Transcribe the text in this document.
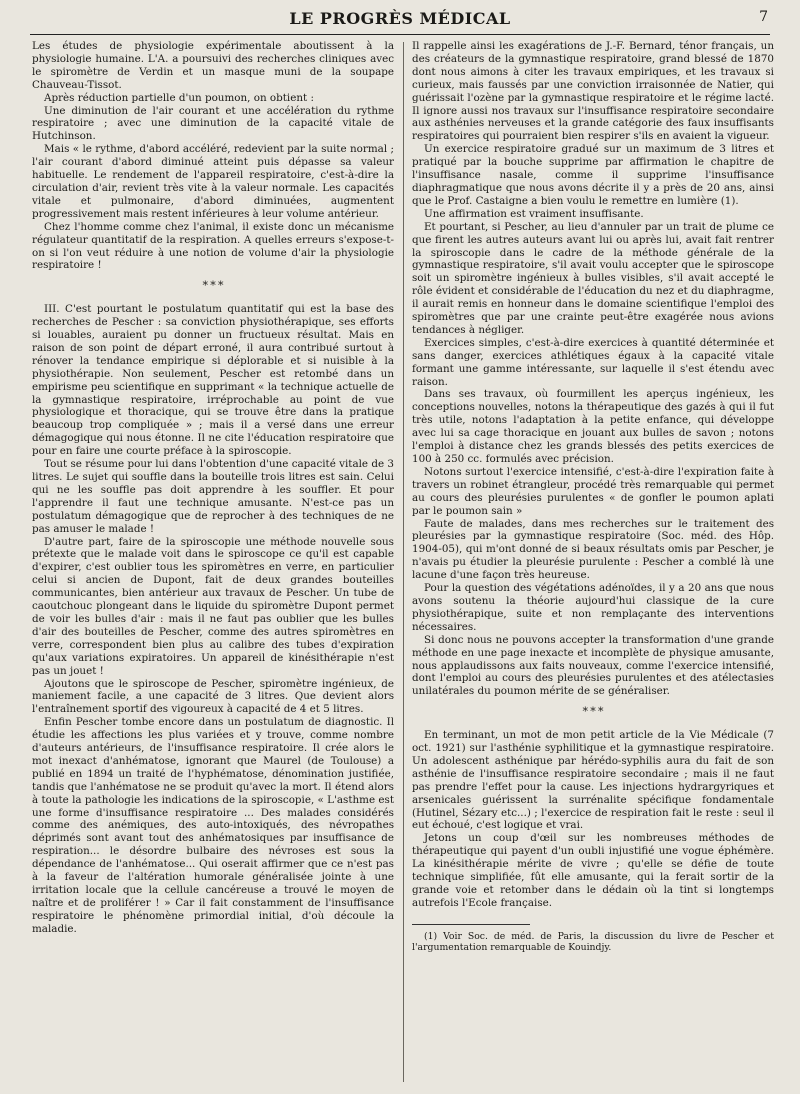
LE PROGRÈS MÉDICAL	7

Les études de physiologie expérimentale aboutissent à la physiologie humaine. L'A. a poursuivi des recherches cliniques avec le spiromètre de Verdin et un masque muni de la soupape Chauveau-Tissot.

Après réduction partielle d'un poumon, on obtient :

Une diminution de l'air courant et une accélération du rythme respiratoire ; avec une diminution de la capacité vitale de Hutchinson.

Mais « le rythme, d'abord accéléré, redevient par la suite normal ; l'air courant d'abord diminué atteint puis dépasse sa valeur habituelle. Le rendement de l'appareil respiratoire, c'est-à-dire la circulation d'air, revient très vite à la valeur normale. Les capacités vitale et pulmonaire, d'abord diminuées, augmentent progressivement mais restent inférieures à leur volume antérieur.

Chez l'homme comme chez l'animal, il existe donc un mécanisme régulateur quantitatif de la respiration. A quelles erreurs s'expose-t-on si l'on veut réduire à une notion de volume d'air la physiologie respiratoire !

* * *

III. C'est pourtant le postulatum quantitatif qui est la base des recherches de Pescher : sa conviction physiothérapique, ses efforts si louables, auraient pu donner un fructueux résultat. Mais en raison de son point de départ erroné, il aura contribué surtout à rénover la tendance empirique si déplorable et si nuisible à la physiothérapie. Non seulement, Pescher est retombé dans un empirisme peu scientifique en supprimant « la technique actuelle de la gymnastique respiratoire, irréprochable au point de vue physiologique et thoracique, qui se trouve être dans la pratique beaucoup trop compliquée » ; mais il a versé dans une erreur démagogique qui nous étonne. Il ne cite l'éducation respiratoire que pour en faire une courte préface à la spiroscopie.

Tout se résume pour lui dans l'obtention d'une capacité vitale de 3 litres. Le sujet qui souffle dans la bouteille trois litres est sain. Celui qui ne les souffle pas doit apprendre à les souffler. Et pour l'apprendre il faut une technique amusante. N'est-ce pas un postulatum démagogique que de reprocher à des techniques de ne pas amuser le malade !

D'autre part, faire de la spiroscopie une méthode nouvelle sous prétexte que le malade voit dans le spiroscope ce qu'il est capable d'expirer, c'est oublier tous les spiromètres en verre, en particulier celui si ancien de Dupont, fait de deux grandes bouteilles communicantes, bien antérieur aux travaux de Pescher. Un tube de caoutchouc plongeant dans le liquide du spiromètre Dupont permet de voir les bulles d'air : mais il ne faut pas oublier que les bulles d'air des bouteilles de Pescher, comme des autres spiromètres en verre, correspondent bien plus au calibre des tubes d'expiration qu'aux variations expiratoires. Un appareil de kinésithérapie n'est pas un jouet !

Ajoutons que le spiroscope de Pescher, spiromètre ingénieux, de maniement facile, a une capacité de 3 litres. Que devient alors l'entraînement sportif des vigoureux à capacité de 4 et 5 litres.

Enfin Pescher tombe encore dans un postulatum de diagnostic. Il étudie les affections les plus variées et y trouve, comme nombre d'auteurs antérieurs, de l'insuffisance respiratoire. Il crée alors le mot inexact d'anhématose, ignorant que Maurel (de Toulouse) a publié en 1894 un traité de l'hyphématose, dénomination justifiée, tandis que l'anhématose ne se produit qu'avec la mort. Il étend alors à toute la pathologie les indications de la spiroscopie, « L'asthme est une forme d'insuffisance respiratoire ... Des malades considérés comme des anémiques, des auto-intoxiqués, des névropathes déprimés sont avant tout des anhématosiques par insuffisance de respiration... le désordre bulbaire des névroses est sous la dépendance de l'anhématose... Qui oserait affirmer que ce n'est pas à la faveur de l'altération humorale généralisée jointe à une irritation locale que la cellule cancéreuse a trouvé le moyen de naître et de proliférer ! » Car il fait constamment de l'insuffisance respiratoire le phénomène primordial initial, d'où découle la maladie.

Il rappelle ainsi les exagérations de J.-F. Bernard, ténor français, un des créateurs de la gymnastique respiratoire, grand blessé de 1870 dont nous aimons à citer les travaux empiriques, et les travaux si curieux, mais faussés par une conviction irraisonnée de Natier, qui guérissait l'ozène par la gymnastique respiratoire et le régime lacté. Il ignore aussi nos travaux sur l'insuffisance respiratoire secondaire aux asthénies nerveuses et la grande catégorie des faux insuffisants respiratoires qui pourraient bien respirer s'ils en avaient la vigueur.

Un exercice respiratoire gradué sur un maximum de 3 litres et pratiqué par la bouche supprime par affirmation le chapitre de l'insuffisance nasale, comme il supprime l'insuffisance diaphragmatique que nous avons décrite il y a près de 20 ans, ainsi que le Prof. Castaigne a bien voulu le remettre en lumière (1).

Une affirmation est vraiment insuffisante.

Et pourtant, si Pescher, au lieu d'annuler par un trait de plume ce que firent les autres auteurs avant lui ou après lui, avait fait rentrer la spiroscopie dans le cadre de la méthode générale de la gymnastique respiratoire, s'il avait voulu accepter que le spiroscope soit un spiromètre ingénieux à bulles visibles, s'il avait accepté le rôle évident et considérable de l'éducation du nez et du diaphragme, il aurait remis en honneur dans le domaine scientifique l'emploi des spiromètres que par une crainte peut-être exagérée nous avions tendances à négliger.

Exercices simples, c'est-à-dire exercices à quantité déterminée et sans danger, exercices athlétiques égaux à la capacité vitale formant une gamme intéressante, sur laquelle il s'est étendu avec raison.

Dans ses travaux, où fourmillent les aperçus ingénieux, les conceptions nouvelles, notons la thérapeutique des gazés à qui il fut très utile, notons l'adaptation à la petite enfance, qui développe avec lui sa cage thoracique en jouant aux bulles de savon ; notons l'emploi à distance chez les grands blessés des petits exercices de 100 à 250 cc. formulés avec précision.

Notons surtout l'exercice intensifié, c'est-à-dire l'expiration faite à travers un robinet étrangleur, procédé très remarquable qui permet au cours des pleurésies purulentes « de gonfler le poumon aplati par le poumon sain »

Faute de malades, dans mes recherches sur le traitement des pleurésies par la gymnastique respiratoire (Soc. méd. des Hôp. 1904-05), qui m'ont donné de si beaux résultats omis par Pescher, je n'avais pu étudier la pleurésie purulente : Pescher a comblé là une lacune d'une façon très heureuse.

Pour la question des végétations adénoïdes, il y a 20 ans que nous avons soutenu la théorie aujourd'hui classique de la cure physiothérapique, suite et non remplaçante des interventions nécessaires.

Si donc nous ne pouvons accepter la transformation d'une grande méthode en une page inexacte et incomplète de physique amusante, nous applaudissons aux faits nouveaux, comme l'exercice intensifié, dont l'emploi au cours des pleurésies purulentes et des atélectasies unilatérales du poumon mérite de se généraliser.

* * *

En terminant, un mot de mon petit article de la Vie Médicale (7 oct. 1921) sur l'asthénie syphilitique et la gymnastique respiratoire. Un adolescent asthénique par hérédo-syphilis aura du fait de son asthénie de l'insuffisance respiratoire secondaire ; mais il ne faut pas prendre l'effet pour la cause. Les injections hydrargyriques et arsenicales guérissent la surrénalite spécifique fondamentale (Hutinel, Sézary etc...) ; l'exercice de respiration fait le reste : seul il eut échoué, c'est logique et vrai.

Jetons un coup d'œil sur les nombreuses méthodes de thérapeutique qui payent d'un oubli injustifié une vogue éphémère. La kinésithérapie mérite de vivre ; qu'elle se défie de toute technique simplifiée, fût elle amusante, qui la ferait sortir de la grande voie et retomber dans le dédain où la tint si longtemps autrefois l'Ecole française.

(1) Voir Soc. de méd. de Paris, la discussion du livre de Pescher et l'argumentation remarquable de Kouindjy.
